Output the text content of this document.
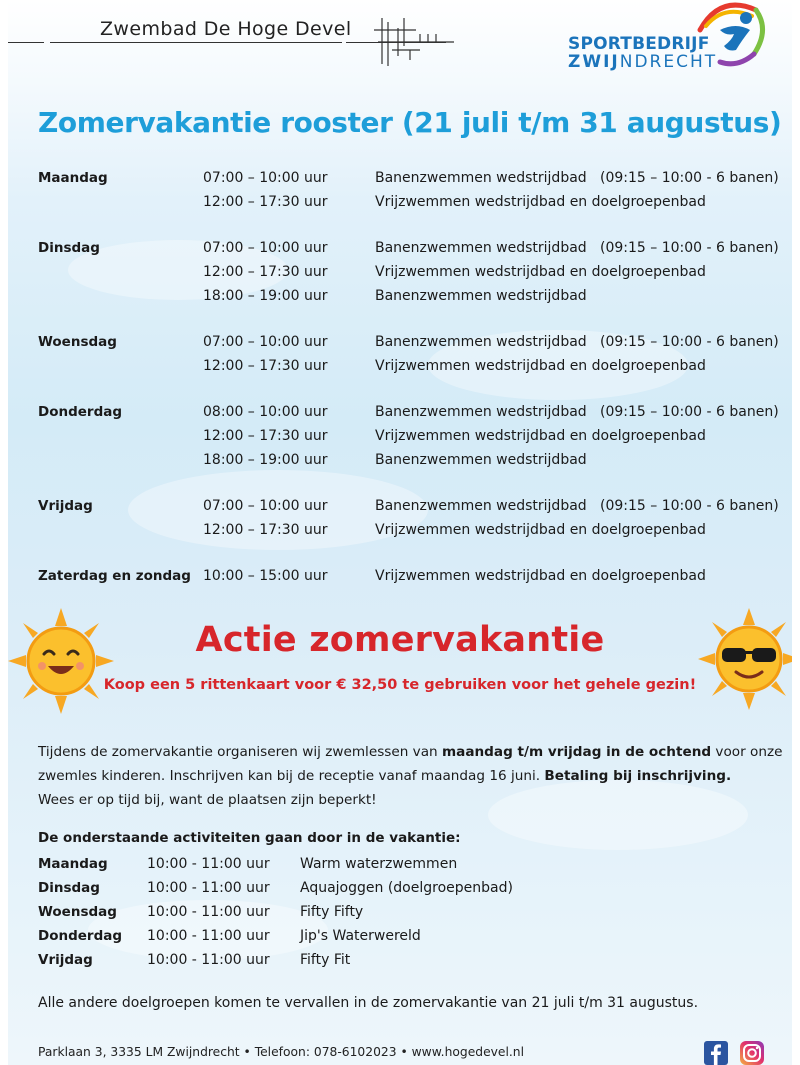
Zwembad De Hoge Devel
SPORTBEDRIJF
ZWIJNDRECHT
Zomervakantie rooster (21 juli t/m 31 augustus)
Maandag	07:00 – 10:00 uur	Banenzwemmen wedstrijdbad   (09:15 – 10:00 - 6 banen)
12:00 – 17:30 uur	Vrijzwemmen wedstrijdbad en doelgroepenbad
Dinsdag	07:00 – 10:00 uur	Banenzwemmen wedstrijdbad   (09:15 – 10:00 - 6 banen)
12:00 – 17:30 uur	Vrijzwemmen wedstrijdbad en doelgroepenbad
18:00 – 19:00 uur	Banenzwemmen wedstrijdbad
Woensdag	07:00 – 10:00 uur	Banenzwemmen wedstrijdbad   (09:15 – 10:00 - 6 banen)
12:00 – 17:30 uur	Vrijzwemmen wedstrijdbad en doelgroepenbad
Donderdag	08:00 – 10:00 uur	Banenzwemmen wedstrijdbad   (09:15 – 10:00 - 6 banen)
12:00 – 17:30 uur	Vrijzwemmen wedstrijdbad en doelgroepenbad
18:00 – 19:00 uur	Banenzwemmen wedstrijdbad
Vrijdag	07:00 – 10:00 uur	Banenzwemmen wedstrijdbad   (09:15 – 10:00 - 6 banen)
12:00 – 17:30 uur	Vrijzwemmen wedstrijdbad en doelgroepenbad
Zaterdag en zondag 10:00 – 15:00 uur	Vrijzwemmen wedstrijdbad en doelgroepenbad
Actie zomervakantie
Koop een 5 rittenkaart voor € 32,50 te gebruiken voor het gehele gezin!

Tijdens de zomervakantie organiseren wij zwemlessen van maandag t/m vrijdag in de ochtend voor onze

zwemles kinderen. Inschrijven kan bij de receptie vanaf maandag 16 juni. Betaling bij inschrijving.

Wees er op tijd bij, want de plaatsen zijn beperkt!

De onderstaande activiteiten gaan door in de vakantie:
Maandag	10:00 - 11:00 uur Warm waterzwemmen
Dinsdag	10:00 - 11:00 uur Aquajoggen (doelgroepenbad)
Woensdag 10:00 - 11:00 uur Fifty Fifty
Donderdag 10:00 - 11:00 uur Jip's Waterwereld
Vrijdag	10:00 - 11:00 uur Fifty Fit
Alle andere doelgroepen komen te vervallen in de zomervakantie van 21 juli t/m 31 augustus.
Parklaan 3, 3335 LM Zwijndrecht • Telefoon: 078-6102023 • www.hogedevel.nl
